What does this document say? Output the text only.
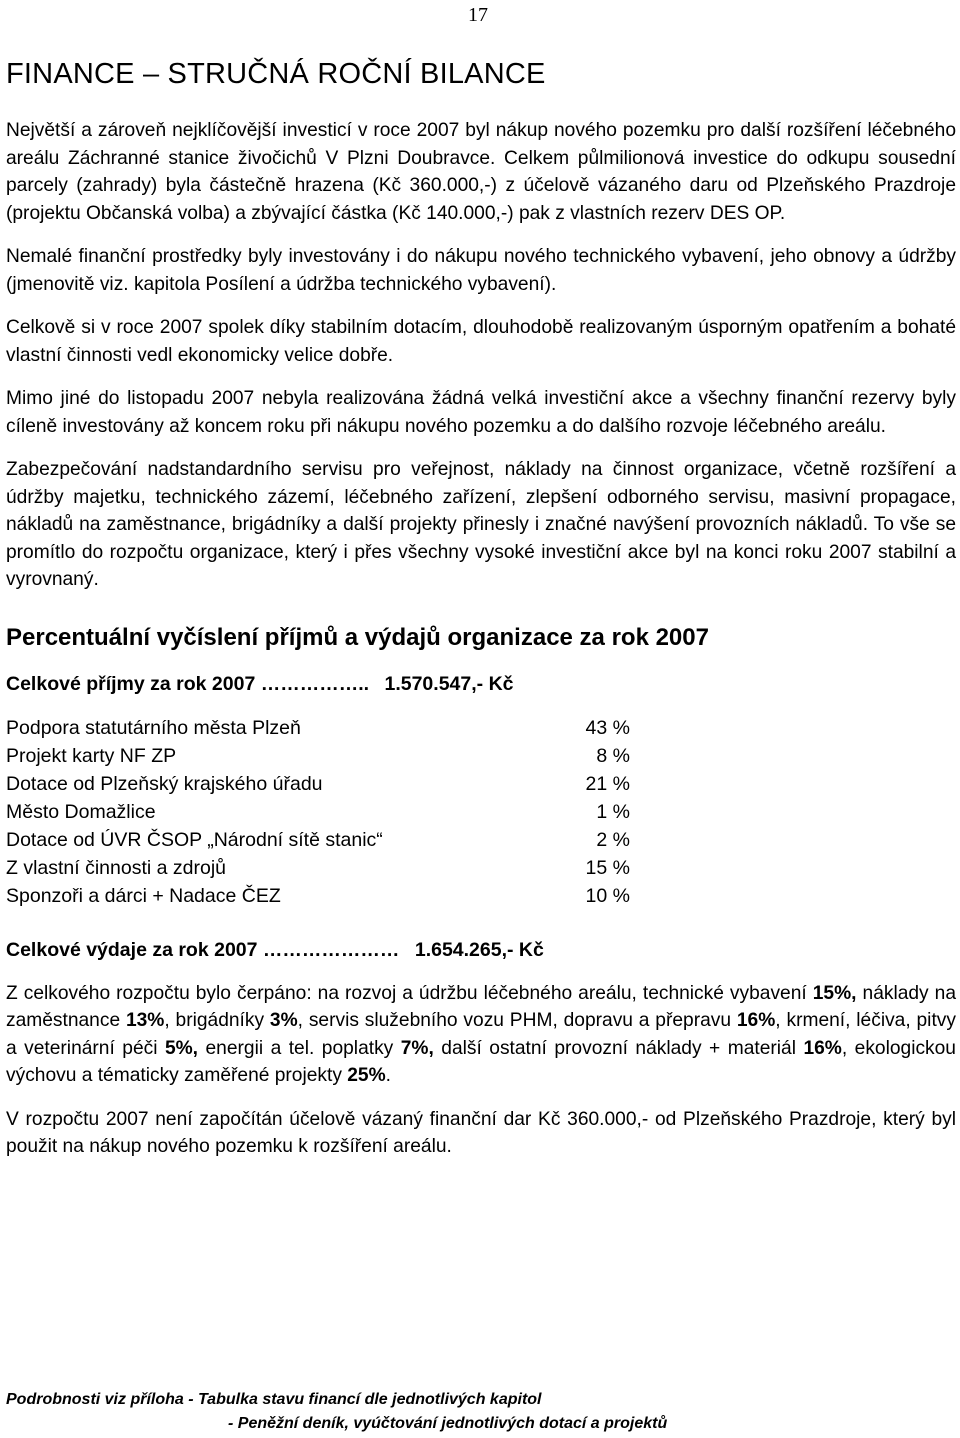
17
FINANCE – STRUČNÁ ROČNÍ BILANCE

Největší a zároveň nejklíčovější investicí v roce 2007 byl nákup nového pozemku pro další rozšíření léčebného areálu Záchranné stanice živočichů V Plzni Doubravce. Celkem půlmilionová investice do odkupu sousední parcely (zahrady) byla částečně hrazena (Kč 360.000,-) z účelově vázaného daru od Plzeňského Prazdroje (projektu Občanská volba) a zbývající částka (Kč 140.000,-) pak z vlastních rezerv DES OP.

Nemalé finanční prostředky byly investovány i do nákupu nového technického vybavení, jeho obnovy a údržby (jmenovitě viz. kapitola Posílení a údržba technického vybavení).

Celkově si v roce 2007 spolek díky stabilním dotacím, dlouhodobě realizovaným úsporným opatřením a bohaté vlastní činnosti vedl ekonomicky velice dobře.

Mimo jiné do listopadu 2007 nebyla realizována žádná velká investiční akce a všechny finanční rezervy byly cíleně investovány až koncem roku při nákupu nového pozemku a do dalšího rozvoje léčebného areálu.

Zabezpečování nadstandardního servisu pro veřejnost, náklady na činnost organizace, včetně rozšíření a údržby majetku, technického zázemí, léčebného zařízení, zlepšení odborného servisu, masivní propagace, nákladů na zaměstnance, brigádníky a další projekty přinesly i značné navýšení provozních nákladů. To vše se promítlo do rozpočtu organizace, který i přes všechny vysoké investiční akce byl na konci roku 2007 stabilní a vyrovnaný.

Percentuální vyčíslení příjmů a výdajů organizace za rok 2007
Celkové příjmy za rok 2007 …………….. 1.570.547,- Kč
Podpora statutárního města Plzeň	43 %
Projekt karty NF ZP	8 %
Dotace od Plzeňský krajského úřadu	21 %
Město Domažlice	1 %
Dotace od ÚVR ČSOP „Národní sítě stanic“	2 %
Z vlastní činnosti a zdrojů	15 %
Sponzoři a dárci + Nadace ČEZ	10 %
Celkové výdaje za rok 2007 ………………… 1.654.265,- Kč

Z celkového rozpočtu bylo čerpáno: na rozvoj a údržbu léčebného areálu, technické vybavení 15%, náklady na zaměstnance 13%, brigádníky 3%, servis služebního vozu PHM, dopravu a přepravu 16%, krmení, léčiva, pitvy a veterinární péči 5%, energii a tel. poplatky 7%, další ostatní provozní náklady + materiál 16%, ekologickou výchovu a tématicky zaměřené projekty 25%.

V rozpočtu 2007 není započítán účelově vázaný finanční dar Kč 360.000,- od Plzeňského Prazdroje, který byl použit na nákup nového pozemku k rozšíření areálu.

Podrobnosti viz příloha - Tabulka stavu financí dle jednotlivých kapitol
- Peněžní deník, vyúčtování jednotlivých dotací a projektů
